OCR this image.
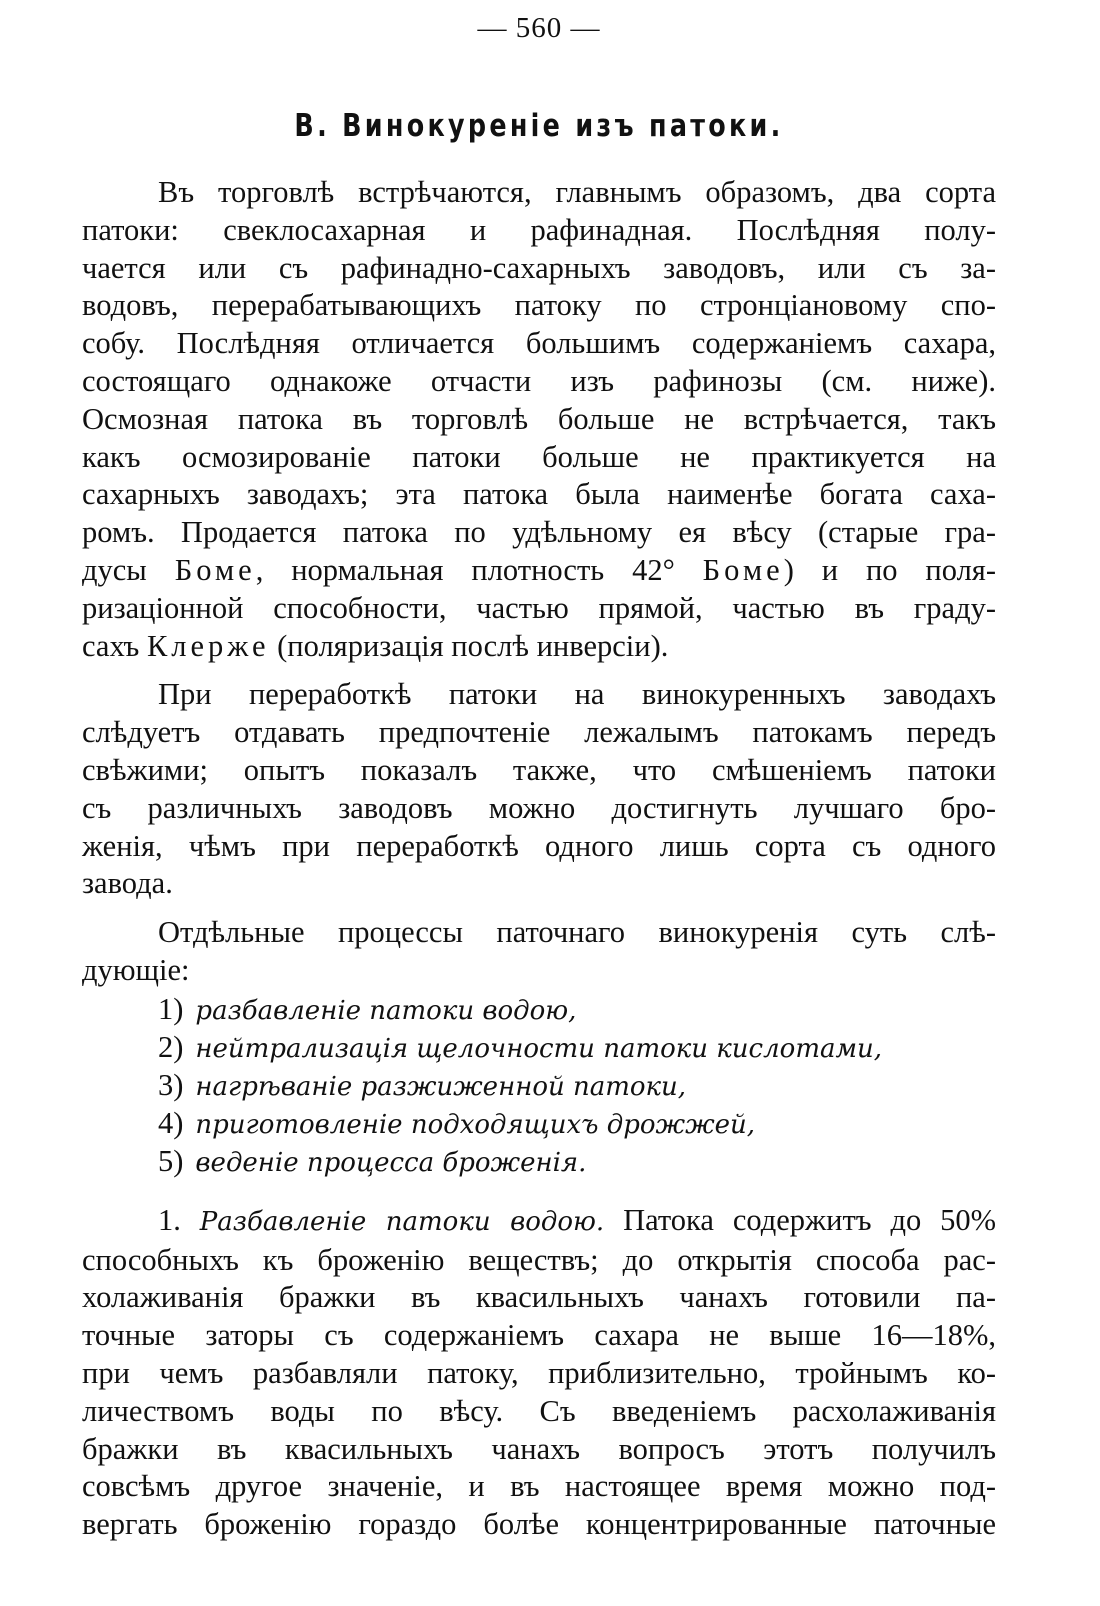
— 560 —
В. Винокуренiе изъ патоки.
Въ торговлѣ встрѣчаются, главнымъ образомъ, два сорта
патоки: свеклосахарная и рафинадная. Послѣдняя полу-
чается или съ рафинадно-сахарныхъ заводовъ, или съ за-
водовъ, перерабатывающихъ патоку по стронцiановому спо-
собу. Послѣдняя отличается большимъ содержанiемъ сахара,
состоящаго однакоже отчасти изъ рафинозы (см. ниже).
Осмозная патока въ торговлѣ больше не встрѣчается, такъ
какъ осмозированiе патоки больше не практикуется на
сахарныхъ заводахъ; эта патока была наименѣе богата саха-
ромъ. Продается патока по удѣльному ея вѣсу (старые гра-
дусы Боме, нормальная плотность 42° Боме) и по поля-
ризацiонной способности, частью прямой, частью въ граду-
сахъ Клерже (поляризацiя послѣ инверсiи).
При переработкѣ патоки на винокуренныхъ заводахъ
слѣдуетъ отдавать предпочтенiе лежалымъ патокамъ передъ
свѣжими; опытъ показалъ также, что смѣшенiемъ патоки
съ различныхъ заводовъ можно достигнуть лучшаго бро-
женiя, чѣмъ при переработкѣ одного лишь сорта съ одного
завода.
Отдѣльные процессы паточнаго винокуренiя суть слѣ-
дующiе:
1) разбавленiе патоки водою,
2) нейтрализацiя щелочности патоки кислотами,
3) нагрѣванiе разжиженной патоки,
4) приготовленiе подходящихъ дрожжей,
5) веденiе процесса броженiя.
1. Разбавленiе патоки водою. Патока содержитъ до 50%
способныхъ къ броженiю веществъ; до открытiя способа рас-
холаживанiя бражки въ квасильныхъ чанахъ готовили па-
точные заторы съ содержанiемъ сахара не выше 16—18%,
при чемъ разбавляли патоку, приблизительно, тройнымъ ко-
личествомъ воды по вѣсу. Съ введенiемъ расхолаживанiя
бражки въ квасильныхъ чанахъ вопросъ этотъ получилъ
совсѣмъ другое значенiе, и въ настоящее время можно под-
вергать броженiю гораздо болѣе концентрированные паточные
